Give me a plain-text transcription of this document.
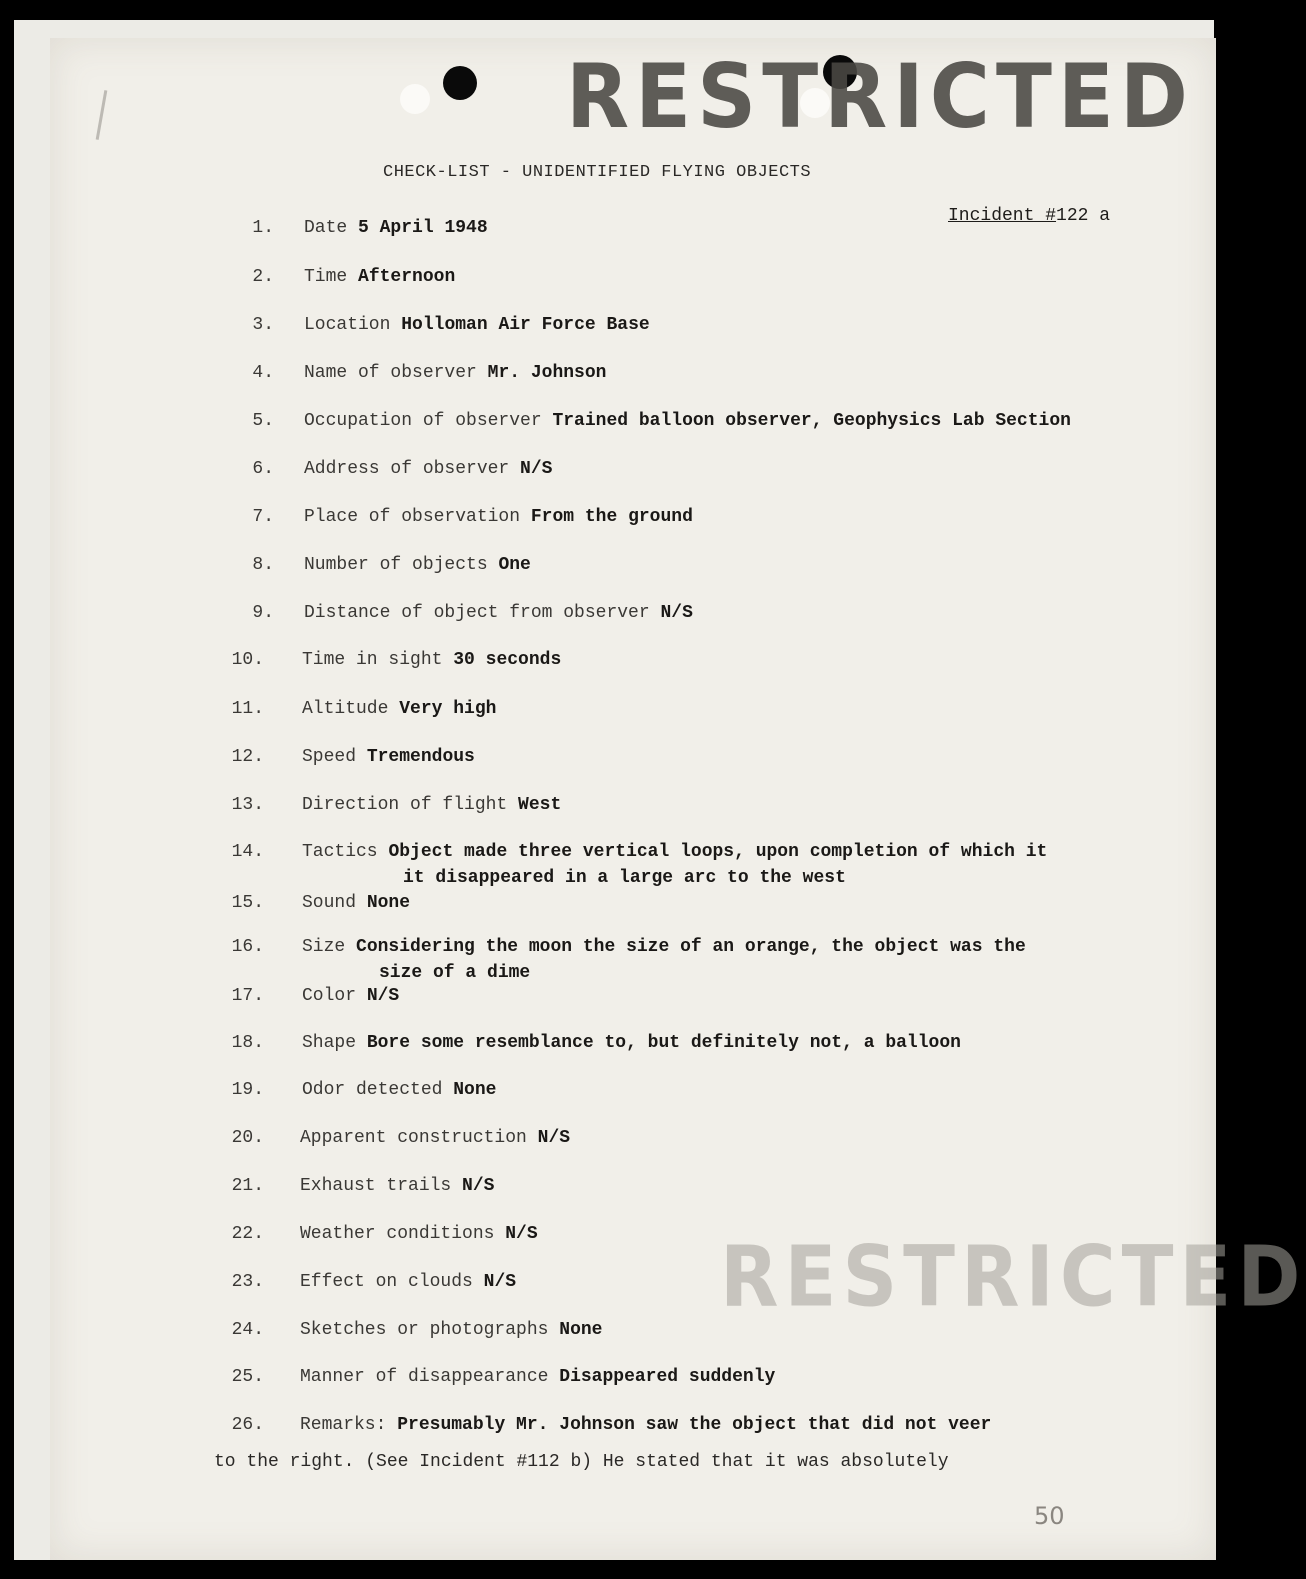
RESTRICTED
RESTRICTED
CHECK-LIST - UNIDENTIFIED FLYING OBJECTS
Incident #122 a
1. Date 5 April 1948
2. Time Afternoon
3. Location Holloman Air Force Base
4. Name of observer Mr. Johnson
5. Occupation of observer Trained balloon observer, Geophysics Lab Section
6. Address of observer N/S
7. Place of observation From the ground
8. Number of objects One
9. Distance of object from observer N/S
10. Time in sight 30 seconds
11. Altitude Very high
12. Speed Tremendous
13. Direction of flight West
14. Tactics Object made three vertical loops, upon completion of which it
it disappeared in a large arc to the west
15. Sound None
16. Size Considering the moon the size of an orange, the object was the
size of a dime
17. Color N/S
18. Shape Bore some resemblance to, but definitely not, a balloon
19. Odor detected None
20. Apparent construction N/S
21. Exhaust trails N/S
22. Weather conditions N/S
23. Effect on clouds N/S
24. Sketches or photographs None
25. Manner of disappearance Disappeared suddenly
26. Remarks: Presumably Mr. Johnson saw the object that did not veer
to the right. (See Incident #112 b) He stated that it was absolutely
50
